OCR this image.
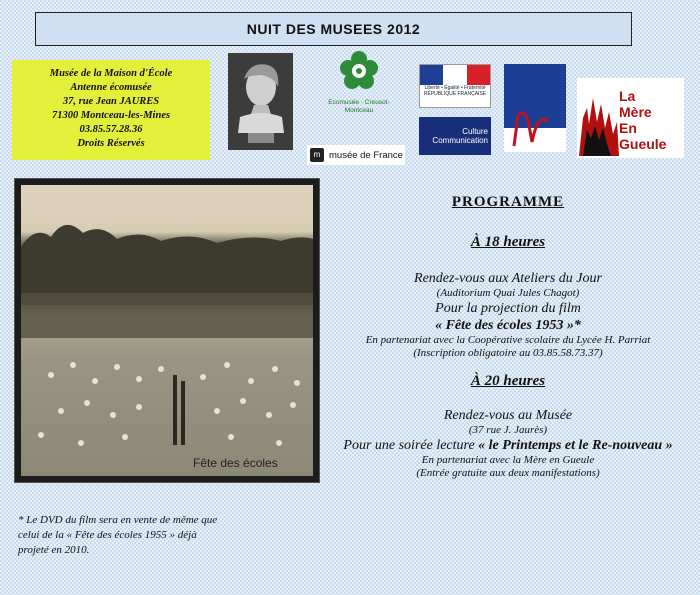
NUIT DES MUSEES 2012
Musée de la Maison d'École
Antenne écomusée
37, rue Jean JAURES
71300 Montceau-les-Mines
03.85.57.28.36
Droits Réservés
Ecomusée · Creusot-Montceau
m musée de France
Liberté • Égalité • Fraternité RÉPUBLIQUE FRANÇAISE
Culture
Communication
La
Mère
En
Gueule
Fête des écoles
* Le DVD du film sera en vente de même que celui de la « Fête des écoles 1955 » déjà projeté en 2010.
PROGRAMME
À 18 heures
Rendez-vous aux Ateliers du Jour
(Auditorium Quai Jules Chagot)
Pour la projection du film
« Fête des écoles 1953 »*
En partenariat avec la Coopérative scolaire du Lycée H. Parriat
(Inscription obligatoire au 03.85.58.73.37)
À 20 heures
Rendez-vous au Musée
(37 rue J. Jaurès)
Pour une soirée lecture « le Printemps et le Re-nouveau »
En partenariat avec la Mère en Gueule
(Entrée gratuite aux deux manifestations)
